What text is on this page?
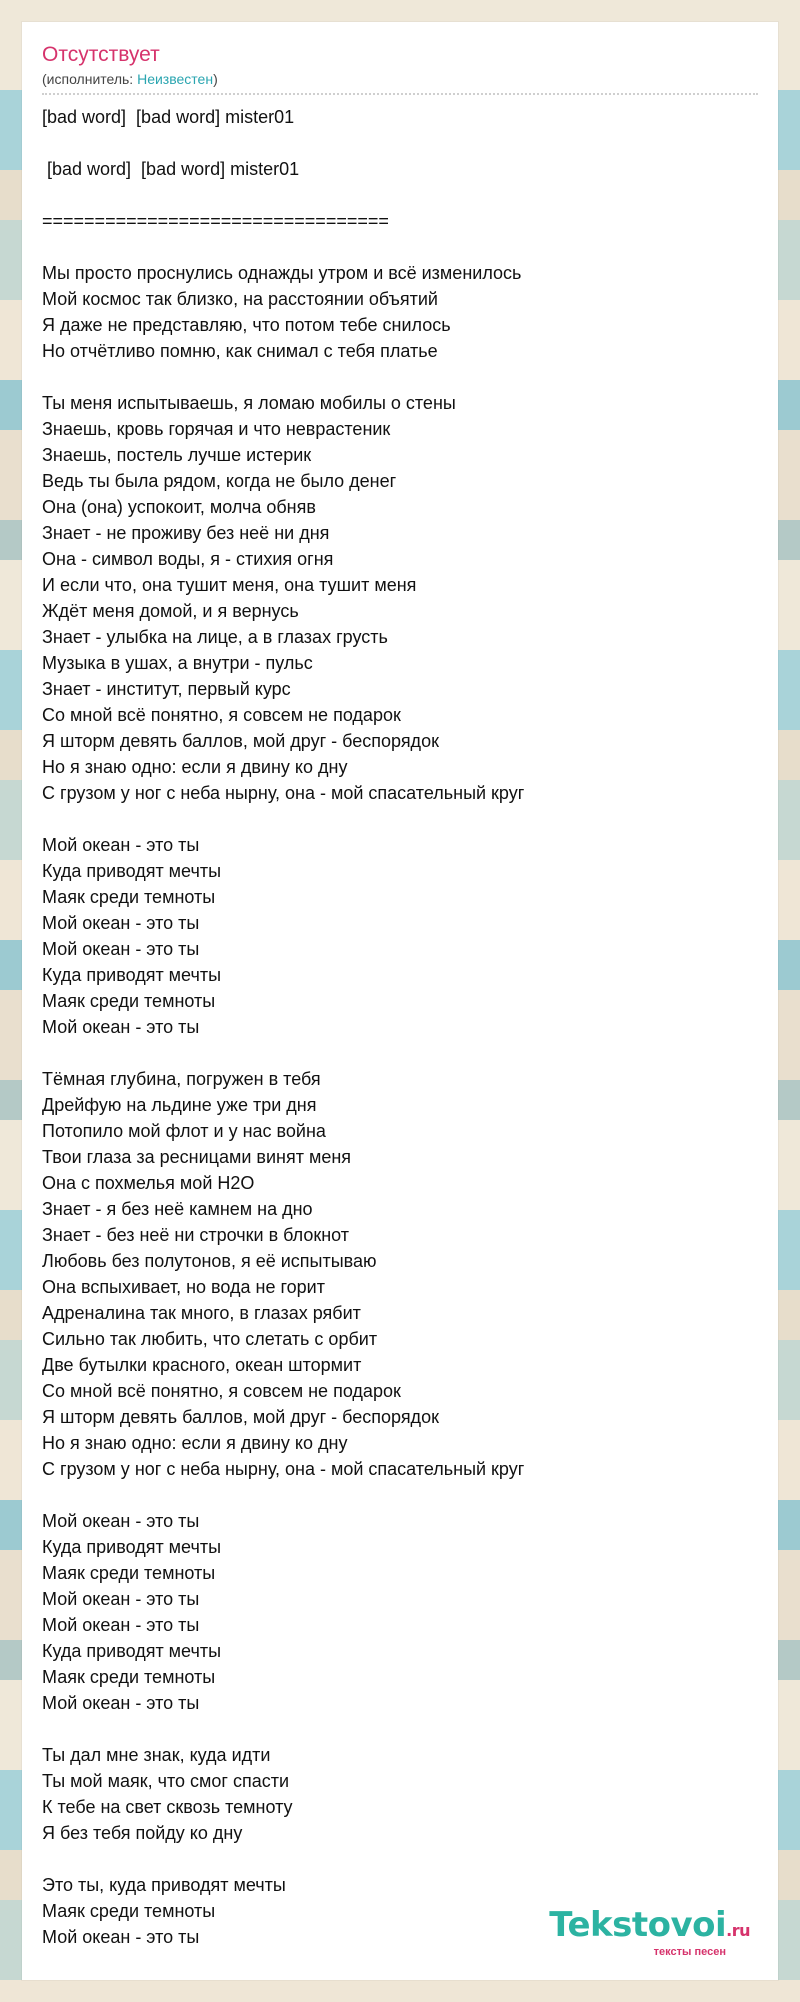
Отсутствует
(исполнитель: Неизвестен)
[bad word]  [bad word] mister01

[bad word]  [bad word] mister01

=================================

Мы просто проснулись однажды утром и всё изменилось
Мой космос так близко, на расстоянии объятий
Я даже не представляю, что потом тебе снилось
Но отчётливо помню, как снимал с тебя платье

Ты меня испытываешь, я ломаю мобилы о стены
Знаешь, кровь горячая и что неврастеник
Знаешь, постель лучше истерик
Ведь ты была рядом, когда не было денег
Она (она) успокоит, молча обняв
Знает - не проживу без неё ни дня
Она - символ воды, я - стихия огня
И если что, она тушит меня, она тушит меня
Ждёт меня домой, и я вернусь
Знает - улыбка на лице, а в глазах грусть
Музыка в ушах, а внутри - пульс
Знает - институт, первый курс
Со мной всё понятно, я совсем не подарок
Я шторм девять баллов, мой друг - беспорядок
Но я знаю одно: если я двину ко дну
С грузом у ног с неба нырну, она - мой спасательный круг

Мой океан - это ты
Куда приводят мечты
Маяк среди темноты
Мой океан - это ты
Мой океан - это ты
Куда приводят мечты
Маяк среди темноты
Мой океан - это ты

Тёмная глубина, погружен в тебя
Дрейфую на льдине уже три дня
Потопило мой флот и у нас война
Твои глаза за ресницами винят меня
Она с похмелья мой H2O
Знает - я без неё камнем на дно
Знает - без неё ни строчки в блокнот
Любовь без полутонов, я её испытываю
Она вспыхивает, но вода не горит
Адреналина так много, в глазах рябит
Сильно так любить, что слетать с орбит
Две бутылки красного, океан штормит
Со мной всё понятно, я совсем не подарок
Я шторм девять баллов, мой друг - беспорядок
Но я знаю одно: если я двину ко дну
С грузом у ног с неба нырну, она - мой спасательный круг

Мой океан - это ты
Куда приводят мечты
Маяк среди темноты
Мой океан - это ты
Мой океан - это ты
Куда приводят мечты
Маяк среди темноты
Мой океан - это ты

Ты дал мне знак, куда идти
Ты мой маяк, что смог спасти
К тебе на свет сквозь темноту
Я без тебя пойду ко дну

Это ты, куда приводят мечты
Маяк среди темноты
Мой океан - это ты	Tekstovoi.ru
тексты песен
